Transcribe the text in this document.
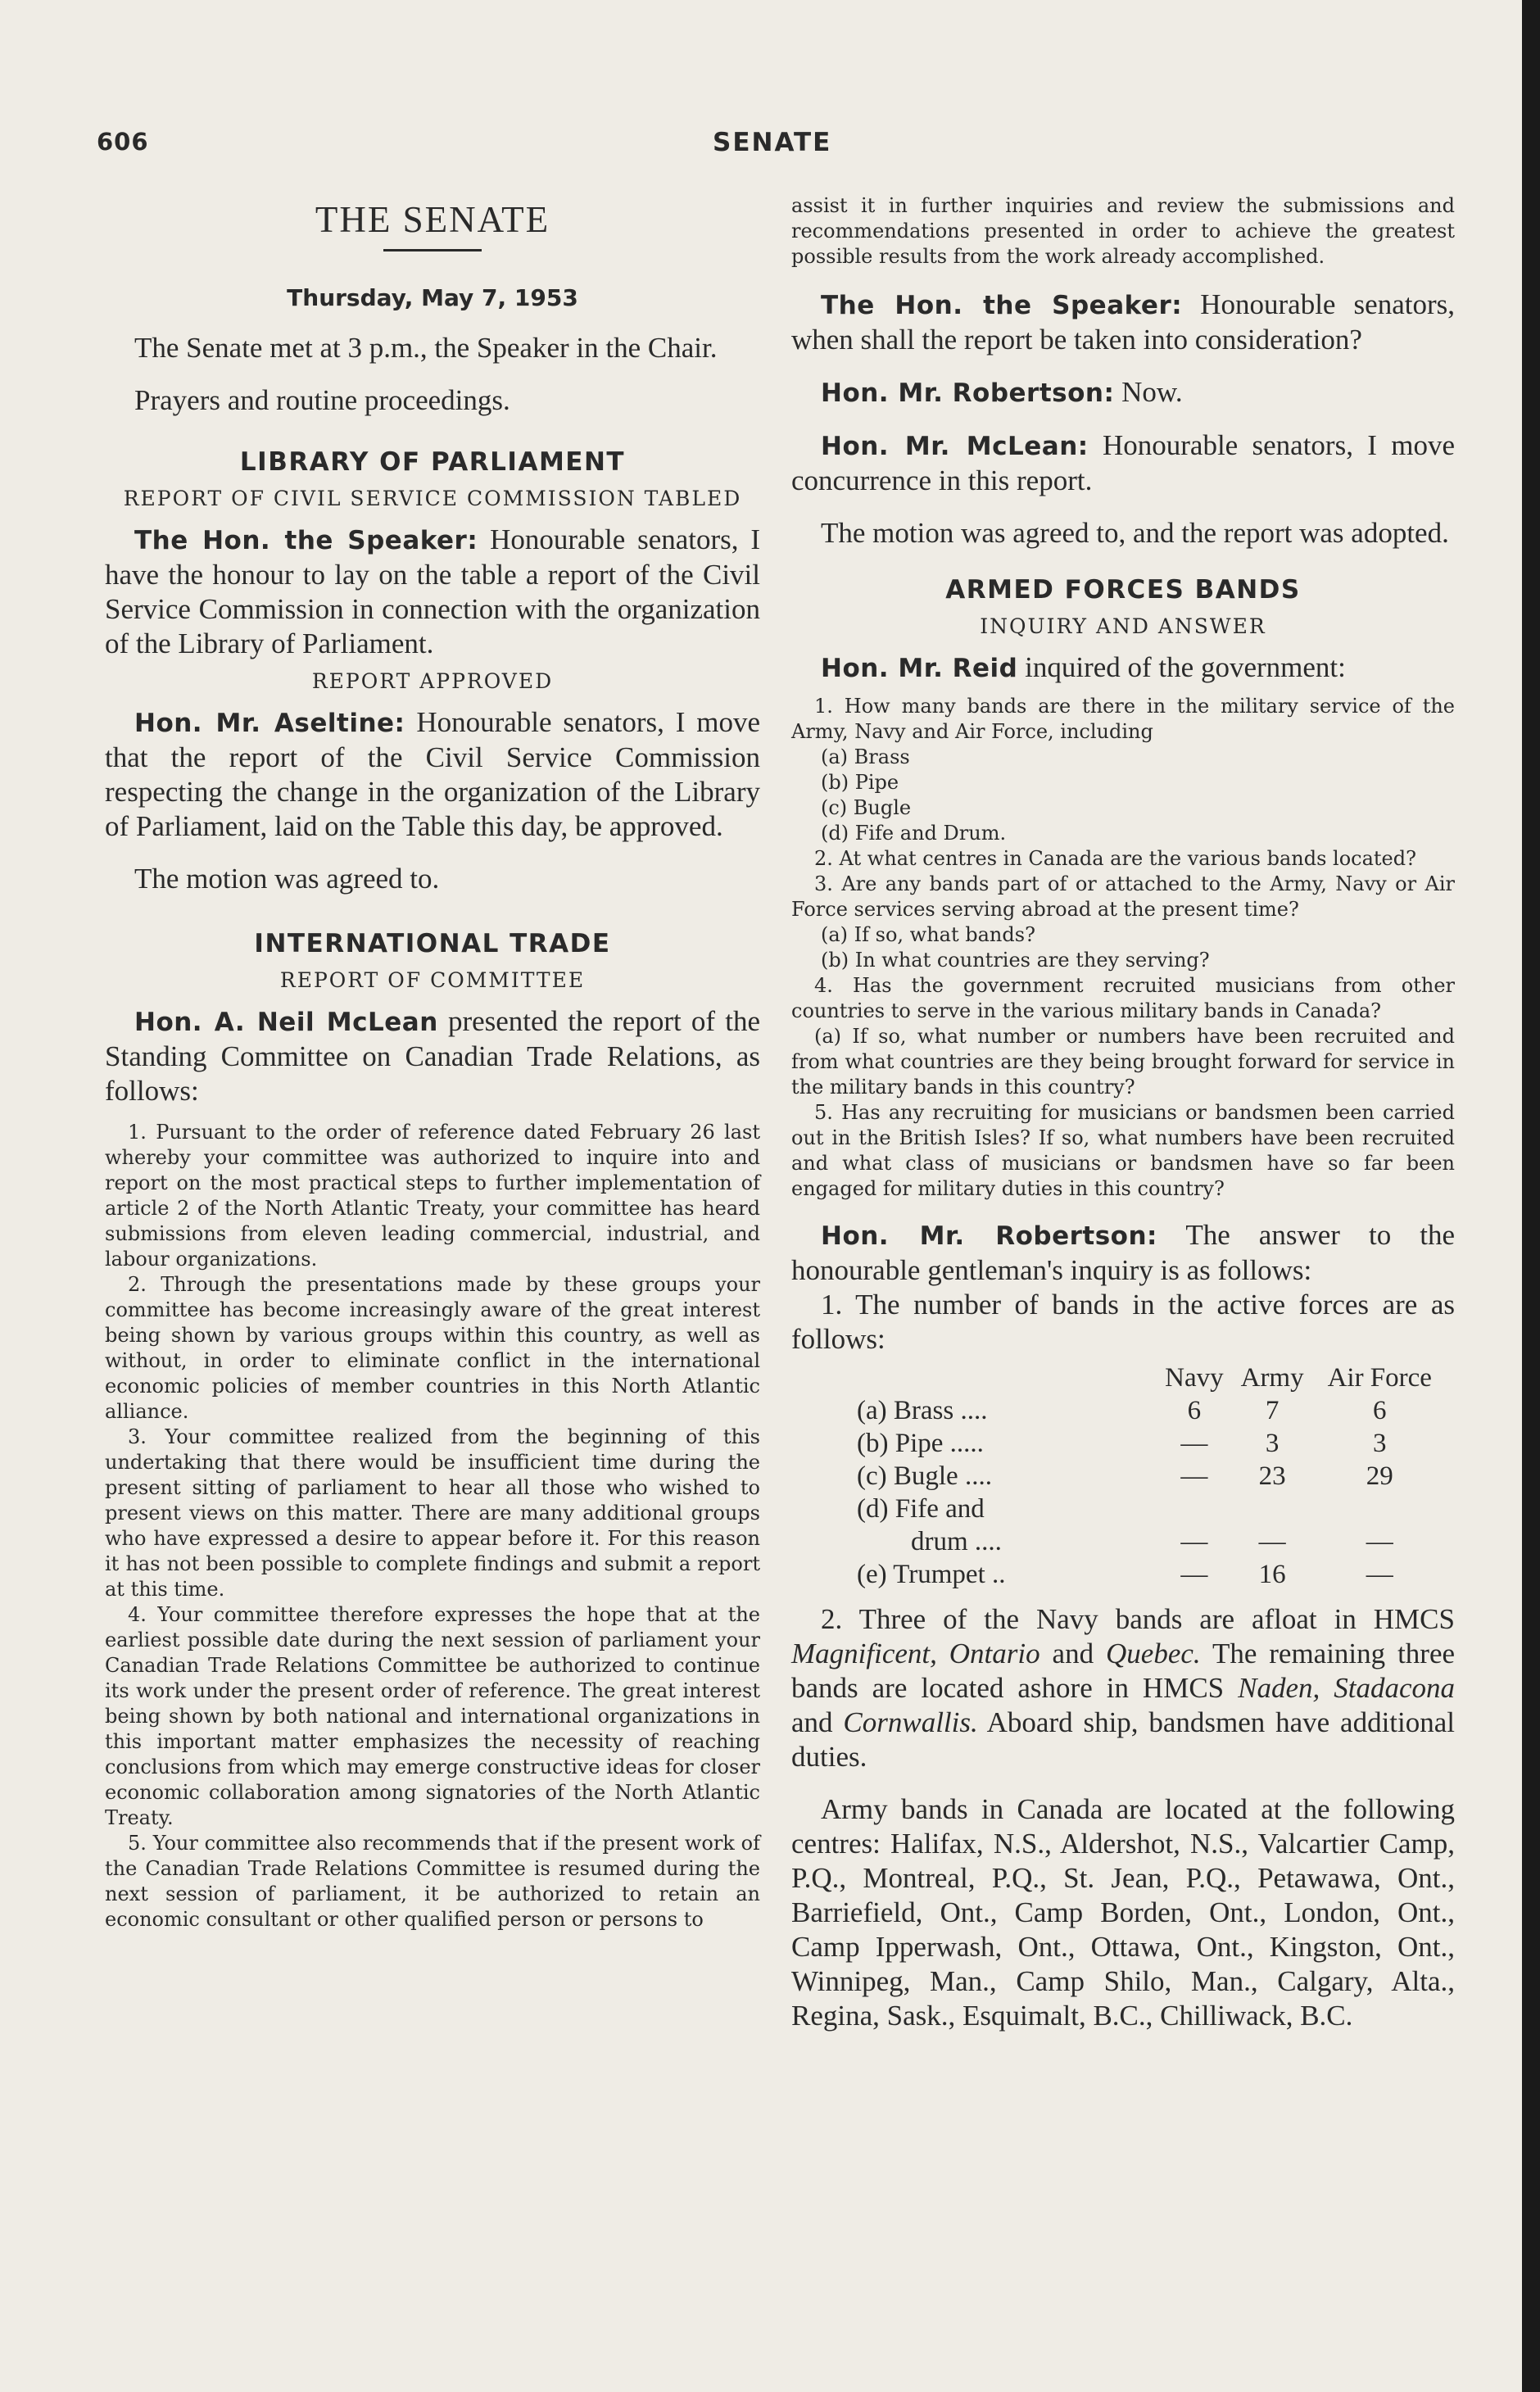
606	SENATE
THE SENATE
Thursday, May 7, 1953

The Senate met at 3 p.m., the Speaker in the Chair.

Prayers and routine proceedings.

LIBRARY OF PARLIAMENT
REPORT OF CIVIL SERVICE COMMISSION TABLED

The Hon. the Speaker: Honourable senators, I have the honour to lay on the table a report of the Civil Service Commission in connection with the organization of the Library of Parliament.

REPORT APPROVED

Hon. Mr. Aseltine: Honourable senators, I move that the report of the Civil Service Commission respecting the change in the organization of the Library of Parliament, laid on the Table this day, be approved.

The motion was agreed to.

INTERNATIONAL TRADE
REPORT OF COMMITTEE

Hon. A. Neil McLean presented the report of the Standing Committee on Canadian Trade Relations, as follows:

1. Pursuant to the order of reference dated February 26 last whereby your committee was authorized to inquire into and report on the most practical steps to further implementation of article 2 of the North Atlantic Treaty, your committee has heard submissions from eleven leading commercial, industrial, and labour organizations.

2. Through the presentations made by these groups your committee has become increasingly aware of the great interest being shown by various groups within this country, as well as without, in order to eliminate conflict in the international economic policies of member countries in this North Atlantic alliance.

3. Your committee realized from the beginning of this undertaking that there would be insufficient time during the present sitting of parliament to hear all those who wished to present views on this matter. There are many additional groups who have expressed a desire to appear before it. For this reason it has not been possible to complete findings and submit a report at this time.

4. Your committee therefore expresses the hope that at the earliest possible date during the next session of parliament your Canadian Trade Relations Committee be authorized to continue its work under the present order of reference. The great interest being shown by both national and international organizations in this important matter emphasizes the necessity of reaching conclusions from which may emerge constructive ideas for closer economic collaboration among signatories of the North Atlantic Treaty.

5. Your committee also recommends that if the present work of the Canadian Trade Relations Committee is resumed during the next session of parliament, it be authorized to retain an economic consultant or other qualified person or persons to

assist it in further inquiries and review the submissions and recommendations presented in order to achieve the greatest possible results from the work already accomplished.

The Hon. the Speaker: Honourable senators, when shall the report be taken into consideration?

Hon. Mr. Robertson: Now.

Hon. Mr. McLean: Honourable senators, I move concurrence in this report.

The motion was agreed to, and the report was adopted.

ARMED FORCES BANDS
INQUIRY AND ANSWER

Hon. Mr. Reid inquired of the government:

1. How many bands are there in the military service of the Army, Navy and Air Force, including

(a) Brass

(b) Pipe

(c) Bugle

(d) Fife and Drum.

2. At what centres in Canada are the various bands located?

3. Are any bands part of or attached to the Army, Navy or Air Force services serving abroad at the present time?

(a) If so, what bands?

(b) In what countries are they serving?

4. Has the government recruited musicians from other countries to serve in the various military bands in Canada?

(a) If so, what number or numbers have been recruited and from what countries are they being brought forward for service in the military bands in this country?

5. Has any recruiting for musicians or bandsmen been carried out in the British Isles? If so, what numbers have been recruited and what class of musicians or bandsmen have so far been engaged for military duties in this country?

Hon. Mr. Robertson: The answer to the honourable gentleman's inquiry is as follows:

1. The number of bands in the active forces are as follows:

	Navy	Army	Air Force
(a) Brass ....	6	7	6
(b) Pipe .....	—	3	3
(c) Bugle ....	—	23	29
(d) Fife and			
drum ....	—	—	—
(e) Trumpet ..	—	16	—

2. Three of the Navy bands are afloat in HMCS Magnificent, Ontario and Quebec. The remaining three bands are located ashore in HMCS Naden, Stadacona and Cornwallis. Aboard ship, bandsmen have additional duties.

Army bands in Canada are located at the following centres: Halifax, N.S., Aldershot, N.S., Valcartier Camp, P.Q., Montreal, P.Q., St. Jean, P.Q., Petawawa, Ont., Barriefield, Ont., Camp Borden, Ont., London, Ont., Camp Ipperwash, Ont., Ottawa, Ont., Kingston, Ont., Winnipeg, Man., Camp Shilo, Man., Calgary, Alta., Regina, Sask., Esquimalt, B.C., Chilliwack, B.C.
